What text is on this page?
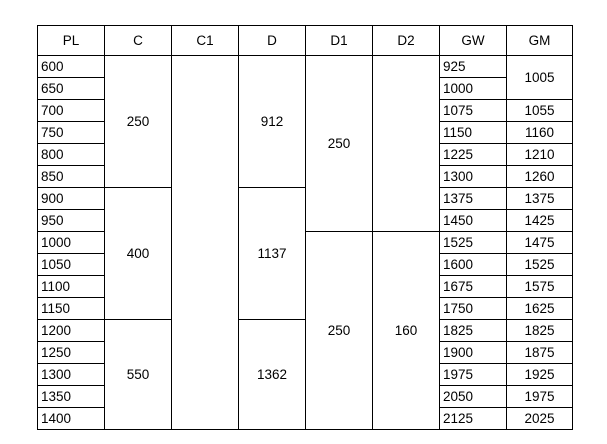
PL	C	C1	D	D1	D2	GW	GM
600	250		912	250		925	1005
650						1000	
700						1075	1055
750						1150	1160
800						1225	1210
850						1300	1260
900	400		1137			1375	1375
950						1450	1425
1000				250	160	1525	1475
1050						1600	1525
1100						1675	1575
1150						1750	1625
1200	550		1362			1825	1825
1250						1900	1875
1300						1975	1925
1350						2050	1975
1400						2125	2025
